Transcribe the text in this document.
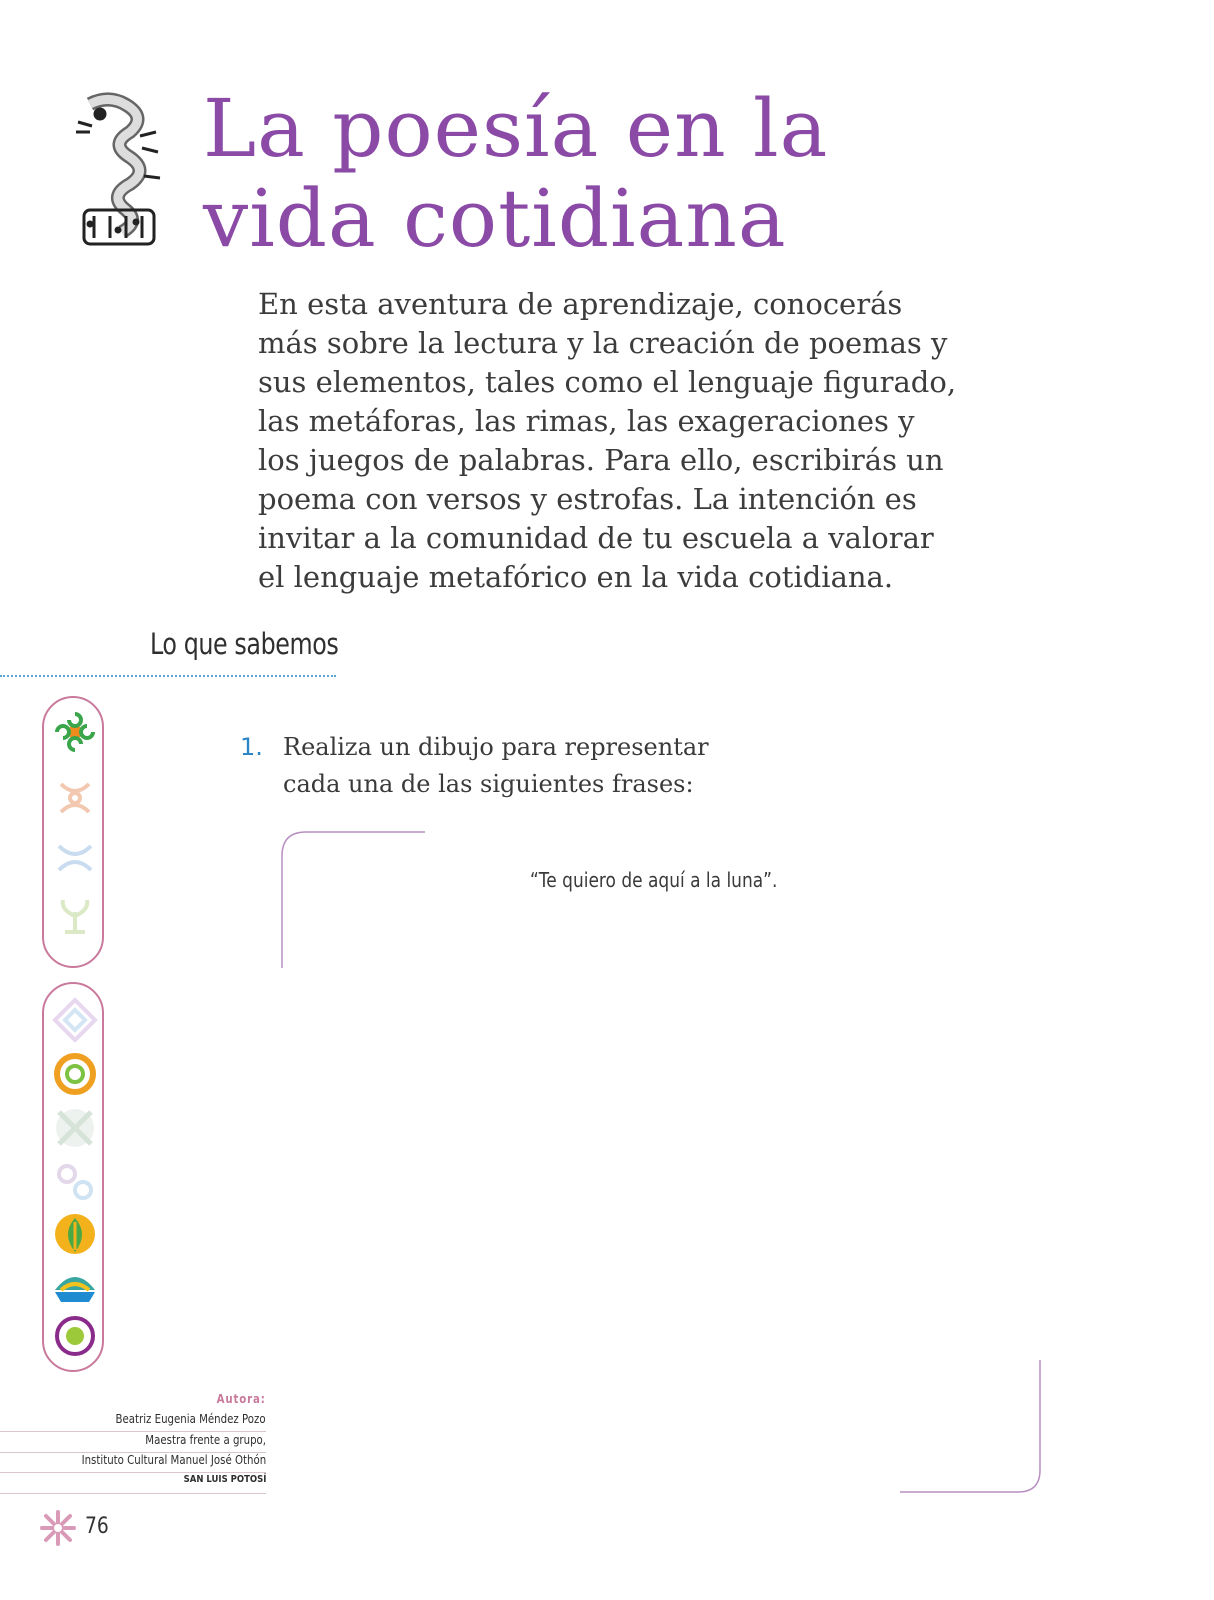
La poesía en la
vida cotidiana

En esta aventura de aprendizaje, conocerás más sobre la lectura y la creación de poemas y sus elementos, tales como el lenguaje figurado, las metáforas, las rimas, las exageraciones y los juegos de palabras. Para ello, escribirás un poema con versos y estrofas. La intención es invitar a la comunidad de tu escuela a valorar el lenguaje metafórico en la vida cotidiana.

Lo que sabemos
1. Realiza un dibujo para representar cada una de las siguientes frases:
“Te quiero de aquí a la luna”.
Autora:
Beatriz Eugenia Méndez Pozo
Maestra frente a grupo,
Instituto Cultural Manuel José Othón
SAN LUIS POTOSÍ
76
